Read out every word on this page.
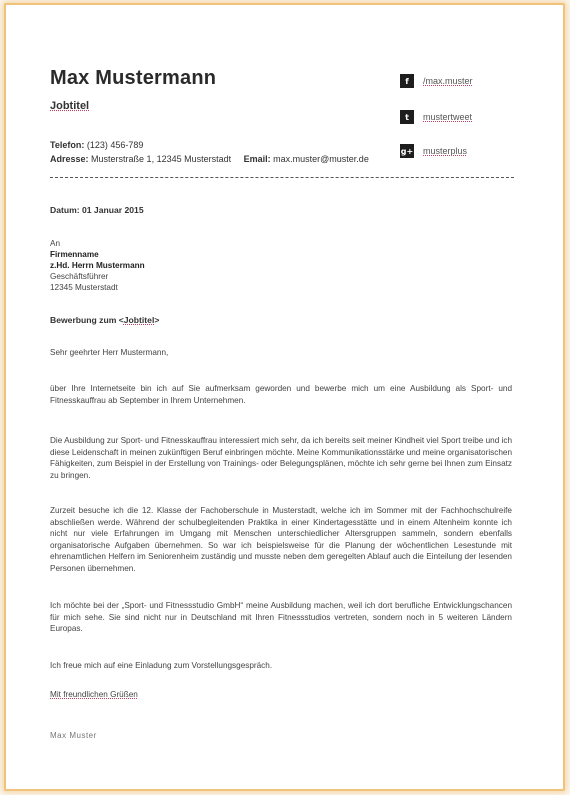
Max Mustermann
Jobtitel
Telefon: (123) 456-789
Adresse: Musterstraße 1, 12345 Musterstadt Email: max.muster@muster.de
f	/max.muster
t	mustertweet
g+ musterplus
Datum: 01 Januar 2015
An
Firmenname
z.Hd. Herrn Mustermann
Geschäftsführer
12345 Musterstadt
Bewerbung zum <Jobtitel>
Sehr geehrter Herr Mustermann,
über Ihre Internetseite bin ich auf Sie aufmerksam geworden und bewerbe mich um eine Ausbildung als Sport- und Fitnesskauffrau ab September in Ihrem Unternehmen.
Die Ausbildung zur Sport- und Fitnesskauffrau interessiert mich sehr, da ich bereits seit meiner Kindheit viel Sport treibe und ich diese Leidenschaft in meinen zukünftigen Beruf einbringen möchte. Meine Kommunikationsstärke und meine organisatorischen Fähigkeiten, zum Beispiel in der Erstellung von Trainings- oder Belegungsplänen, möchte ich sehr gerne bei Ihnen zum Einsatz zu bringen.
Zurzeit besuche ich die 12. Klasse der Fachoberschule in Musterstadt, welche ich im Sommer mit der Fachhochschulreife abschließen werde. Während der schulbegleitenden Praktika in einer Kindertagesstätte und in einem Altenheim konnte ich nicht nur viele Erfahrungen im Umgang mit Menschen unterschiedlicher Altersgruppen sammeln, sondern ebenfalls organisatorische Aufgaben übernehmen. So war ich beispielsweise für die Planung der wöchentlichen Lesestunde mit ehrenamtlichen Helfern im Seniorenheim zuständig und musste neben dem geregelten Ablauf auch die Einteilung der lesenden Personen übernehmen.
Ich möchte bei der „Sport- und Fitnessstudio GmbH“ meine Ausbildung machen, weil ich dort berufliche Entwicklungschancen für mich sehe. Sie sind nicht nur in Deutschland mit Ihren Fitnessstudios vertreten, sondern noch in 5 weiteren Ländern Europas.
Ich freue mich auf eine Einladung zum Vorstellungsgespräch.
Mit freundlichen Grüßen
Max Muster
